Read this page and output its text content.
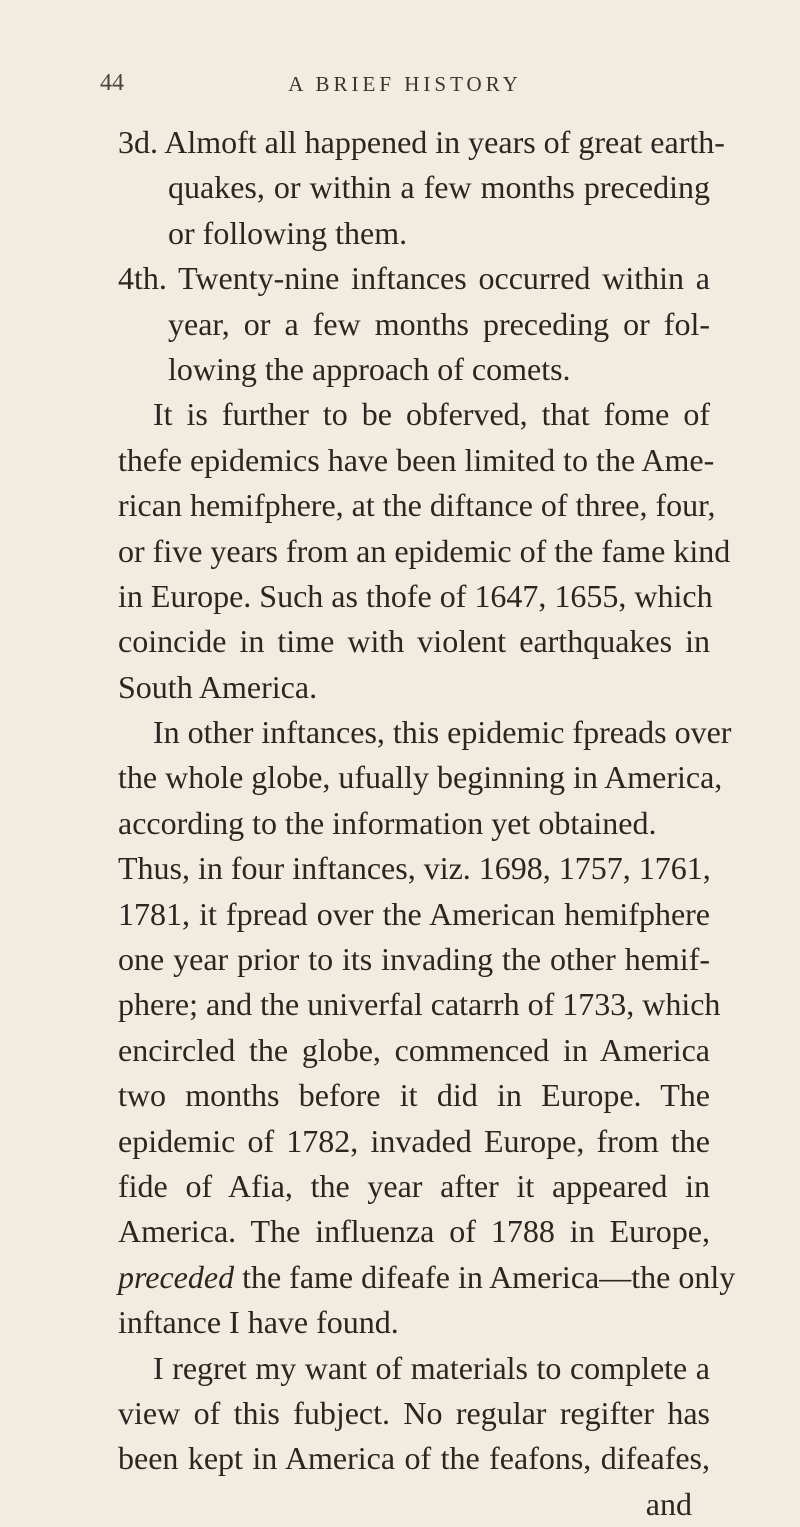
44	A BRIEF HISTORY
3d. Almoft all happened in years of great earth-
quakes, or within a few months preceding
or following them.
4th. Twenty-nine inftances occurred within a
year, or a few months preceding or fol-
lowing the approach of comets.
It is further to be obferved, that fome of
thefe epidemics have been limited to the Ame-
rican hemifphere, at the diftance of three, four,
or five years from an epidemic of the fame kind
in Europe. Such as thofe of 1647, 1655, which
coincide in time with violent earthquakes in
South America.
In other inftances, this epidemic fpreads over
the whole globe, ufually beginning in America,
according to the information yet obtained.
Thus, in four inftances, viz. 1698, 1757, 1761,
1781, it fpread over the American hemifphere
one year prior to its invading the other hemif-
phere; and the univerfal catarrh of 1733, which
encircled the globe, commenced in America
two months before it did in Europe. The
epidemic of 1782, invaded Europe, from the
fide of Afia, the year after it appeared in
America. The influenza of 1788 in Europe,
preceded the fame difeafe in America—the only
inftance I have found.
I regret my want of materials to complete a
view of this fubject. No regular regifter has
been kept in America of the feafons, difeafes,
and
